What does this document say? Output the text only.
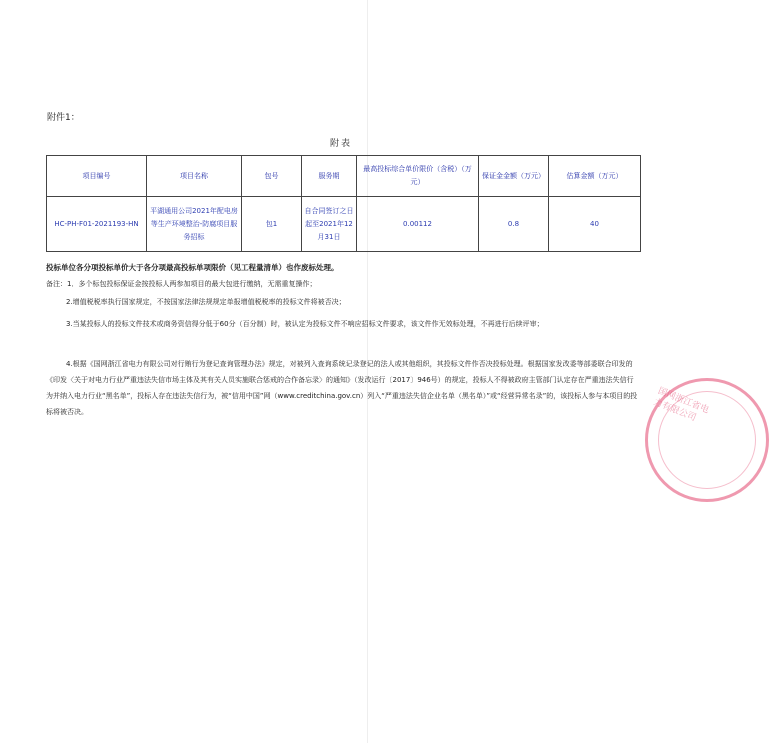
附件1：
附表
项目编号	项目名称	包号	服务期	最高投标综合单价限价（含税）（万元）	保证金金额（万元）	估算金额（万元）
HC-PH-F01-2021193-HN	平湖通用公司2021年配电房等生产环境整治-防腐项目服务招标	包1	自合同签订之日起至2021年12月31日	0.00112	0.8	40
投标单位各分项投标单价大于各分项最高投标单项限价（见工程量清单）也作废标处理。
备注：1．多个标包投标保证金按投标人两参加项目的最大包进行缴纳，无需重复操作；
2.增值税税率执行国家规定，不按国家法律法规规定单报增值税税率的投标文件将被否决；
3.当某投标人的投标文件技术或商务资信得分低于60分（百分制）时，被认定为投标文件不响应招标文件要求，该文件作无效标处理，不再进行后续评审；
4.根据《国网浙江省电力有限公司对行贿行为登记查询管理办法》规定，对被列入查询系统记录登记的法人或其他组织，其投标文件作否决投标处理。根据国家发改委等部委联合印发的《印发〈关于对电力行业严重违法失信市场主体及其有关人员实施联合惩戒的合作备忘录〉的通知》（发改运行〔2017〕946号）的规定，投标人不得被政府主管部门认定存在严重违法失信行为并纳入电力行业“黑名单”，投标人存在违法失信行为，被“信用中国”网（www.creditchina.gov.cn）列入“严重违法失信企业名单（黑名单）”或“经营异常名录”的，该投标人参与本项目的投标将被否决。	国网浙江省电力有限公司
